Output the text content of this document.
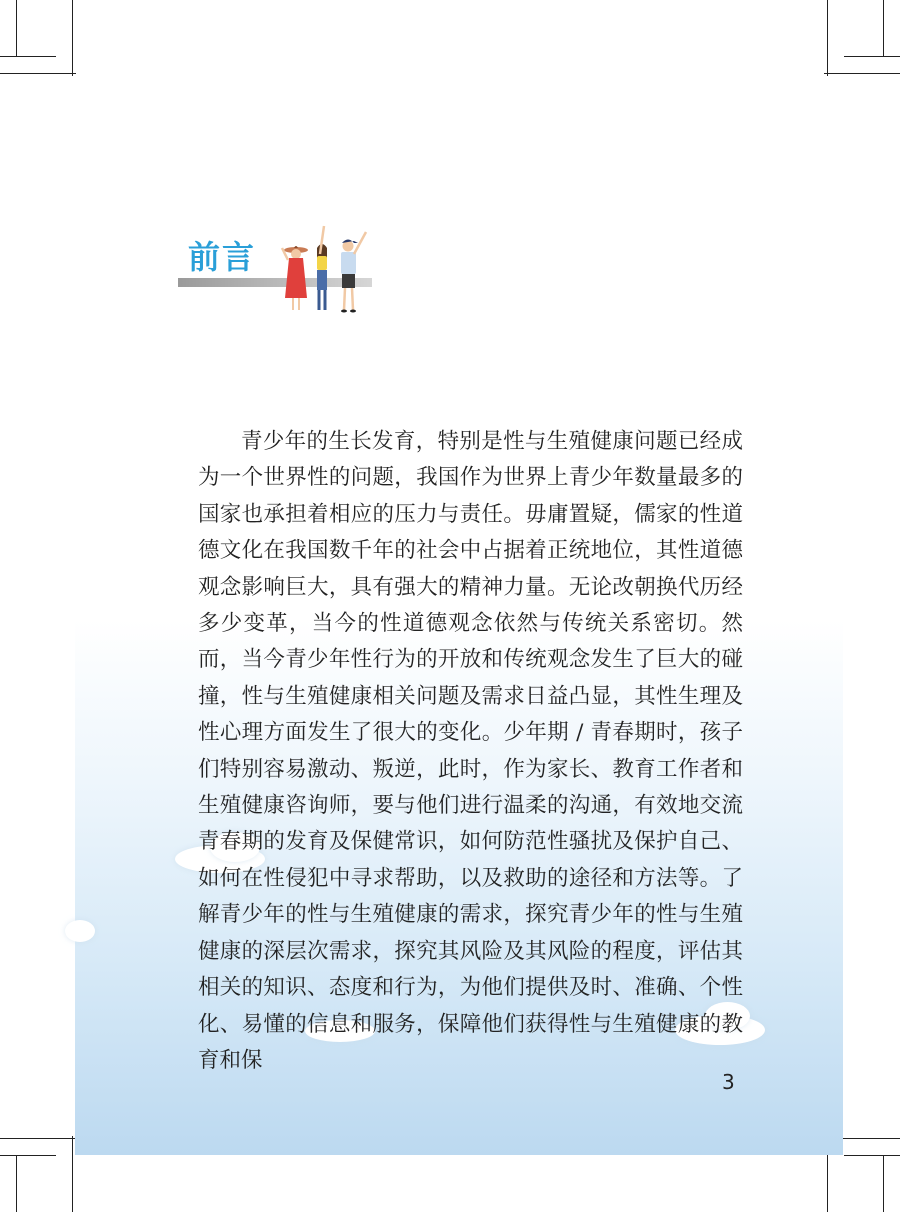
前言

青少年的生长发育，特别是性与生殖健康问题已经成为一个世界性的问题，我国作为世界上青少年数量最多的国家也承担着相应的压力与责任。毋庸置疑，儒家的性道德文化在我国数千年的社会中占据着正统地位，其性道德观念影响巨大，具有强大的精神力量。无论改朝换代历经多少变革，当今的性道德观念依然与传统关系密切。然而，当今青少年性行为的开放和传统观念发生了巨大的碰撞，性与生殖健康相关问题及需求日益凸显，其性生理及性心理方面发生了很大的变化。少年期 / 青春期时，孩子们特别容易激动、叛逆，此时，作为家长、教育工作者和生殖健康咨询师，要与他们进行温柔的沟通，有效地交流青春期的发育及保健常识，如何防范性骚扰及保护自己、如何在性侵犯中寻求帮助，以及救助的途径和方法等。了解青少年的性与生殖健康的需求，探究青少年的性与生殖健康的深层次需求，探究其风险及其风险的程度，评估其相关的知识、态度和行为，为他们提供及时、准确、个性化、易懂的信息和服务，保障他们获得性与生殖健康的教育和保

3
